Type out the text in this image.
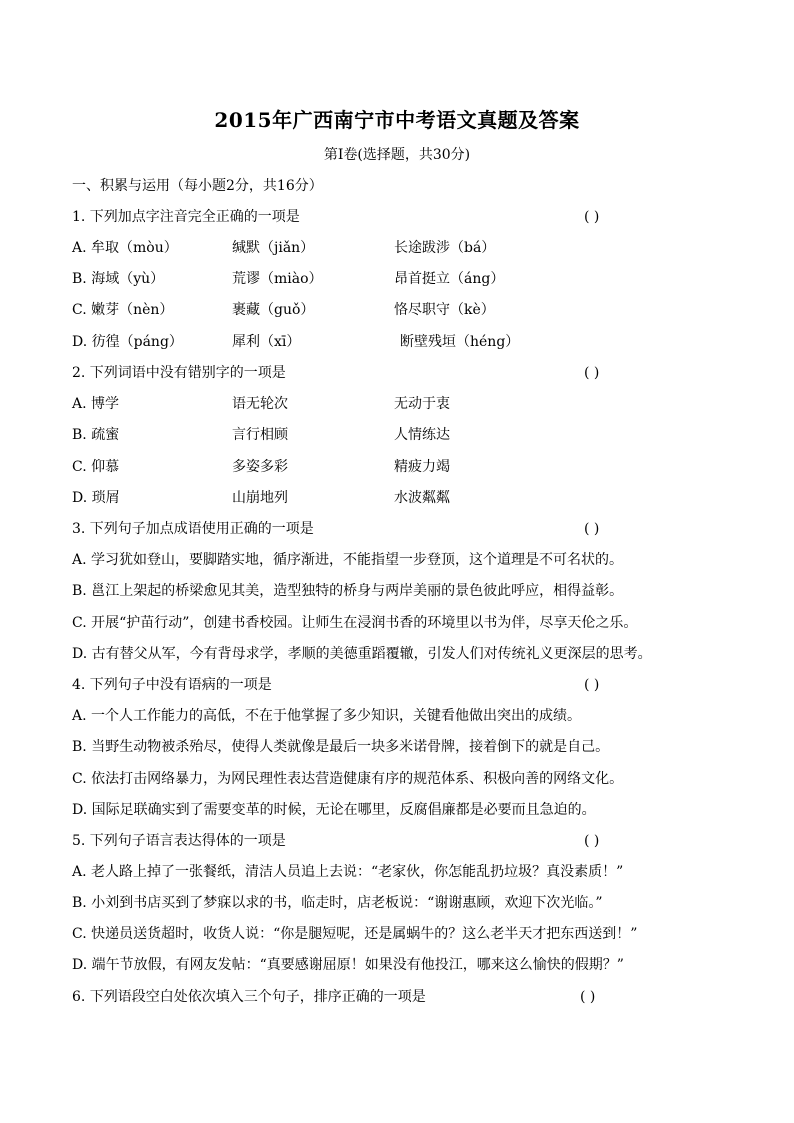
2015年广西南宁市中考语文真题及答案
第Ⅰ卷(选择题，共30分)
一、积累与运用（每小题2分，共16分）
1. 下列加点字注音完全正确的一项是	( )
A. 牟取（mòu）	缄默（jiǎn）	长途跋涉（bá）
B. 海域（yù）	荒谬（miào）	昂首挺立（áng）
C. 嫩芽（nèn）	裹藏（guǒ）	恪尽职守（kè）
D. 彷徨（páng）	犀利（xī）	断壁残垣（héng）
2. 下列词语中没有错别字的一项是	( )
A. 博学	语无轮次	无动于衷
B. 疏蜜	言行相顾	人情练达
C. 仰慕	多姿多彩	精疲力竭
D. 琐屑	山崩地列	水波粼粼
3. 下列句子加点成语使用正确的一项是	( )
A. 学习犹如登山，要脚踏实地，循序渐进，不能指望一步登顶，这个道理是不可名状的。
B. 邕江上架起的桥梁愈见其美，造型独特的桥身与两岸美丽的景色彼此呼应，相得益彰。
C. 开展“护苗行动”，创建书香校园。让师生在浸润书香的环境里以书为伴，尽享天伦之乐。
D. 古有替父从军，今有背母求学，孝顺的美德重蹈覆辙，引发人们对传统礼义更深层的思考。
4. 下列句子中没有语病的一项是	( )
A. 一个人工作能力的高低，不在于他掌握了多少知识，关键看他做出突出的成绩。
B. 当野生动物被杀殆尽，使得人类就像是最后一块多米诺骨牌，接着倒下的就是自己。
C. 依法打击网络暴力，为网民理性表达营造健康有序的规范体系、积极向善的网络文化。
D. 国际足联确实到了需要变革的时候，无论在哪里，反腐倡廉都是必要而且急迫的。
5. 下列句子语言表达得体的一项是	( )
A. 老人路上掉了一张餐纸，清洁人员追上去说：“老家伙，你怎能乱扔垃圾？真没素质！”
B. 小刘到书店买到了梦寐以求的书，临走时，店老板说：“谢谢惠顾，欢迎下次光临。”
C. 快递员送货超时，收货人说：“你是腿短呢，还是属蜗牛的？这么老半天才把东西送到！”
D. 端午节放假，有网友发帖：“真要感谢屈原！如果没有他投江，哪来这么愉快的假期？”
6. 下列语段空白处依次填入三个句子，排序正确的一项是	( )
